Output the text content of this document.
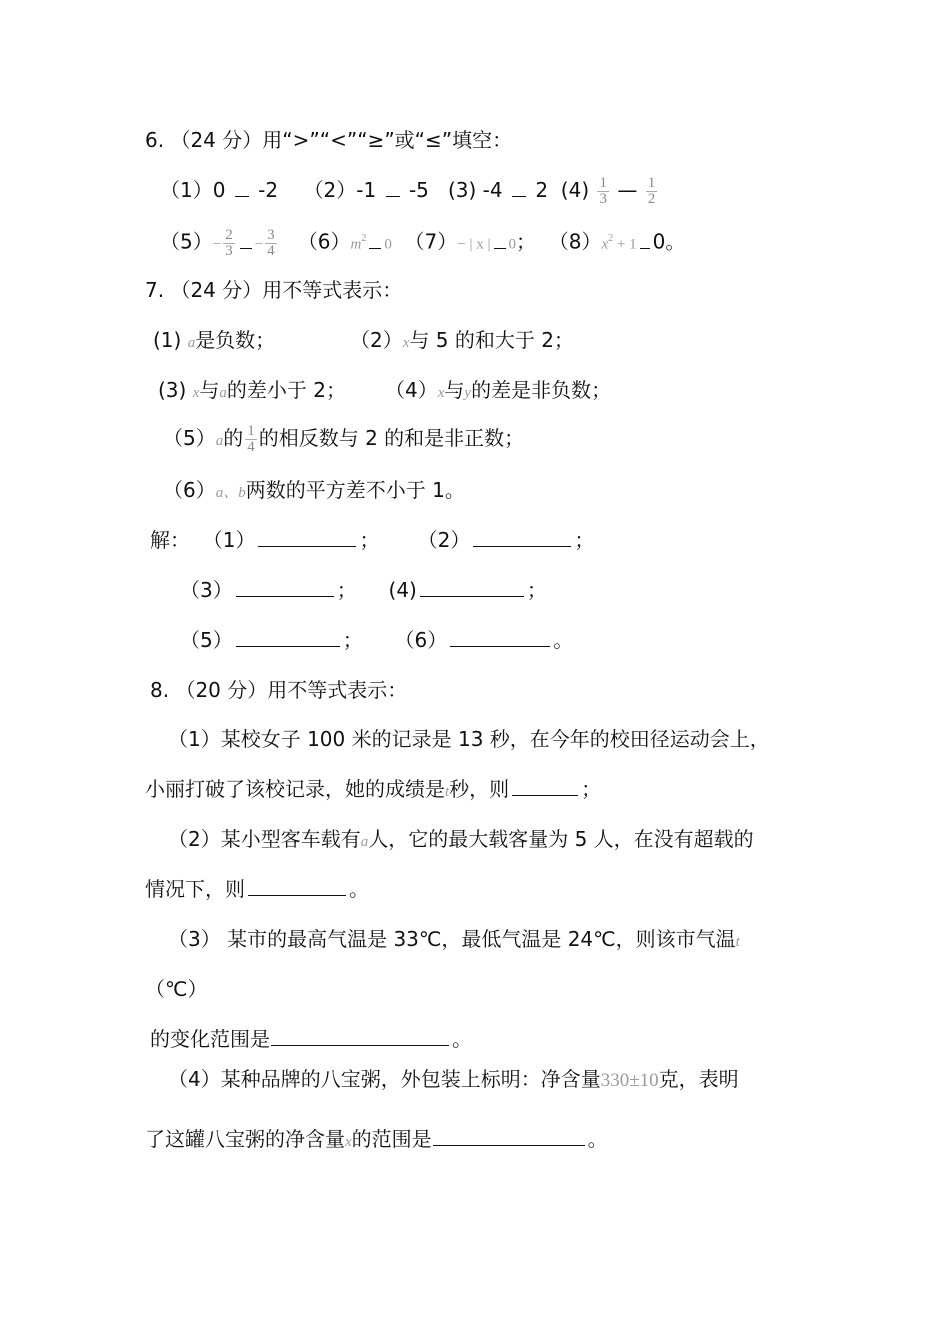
6. （24 分）用“>”“<”“≥”或“≤”填空：
（1）0  -2 （2）-1  -5 (3) -4  2 $(4) \frac{1}{3}$ — $\frac{1}{2}$
$(5)- \frac{2}{3} - \frac{3}{4} (6)m^2$ 0 （7）− | x | 0； $(8)x^2 + 1$ 0。
7. （24 分）用不等式表示：
(1) a是负数；	（2）x与 5 的和大于 2；
(3) x与a的差小于 2； （4）x与y的差是非负数；
（5）a的 $\frac{1}{4}$ 的相反数与 2 的和是非正数；
（6）a、b两数的平方差不小于 1。
解： （1）	； （2）	；
（3）	； (4)	；
（5）	； （6）	。
8. （20 分）用不等式表示：
（1）某校女子 100 米的记录是 13 秒，在今年的校田径运动会上，
小丽打破了该校记录，她的成绩是t秒，则	；
（2）某小型客车载有a人，它的最大载客量为 5 人，在没有超载的
情况下，则	。
（3） 某市的最高气温是 33℃，最低气温是 24℃，则该市气温t
（℃）
的变化范围是	。
（4）某种品牌的八宝粥，外包装上标明：净含量330±10克，表明
了这罐八宝粥的净含量x的范围是	。
